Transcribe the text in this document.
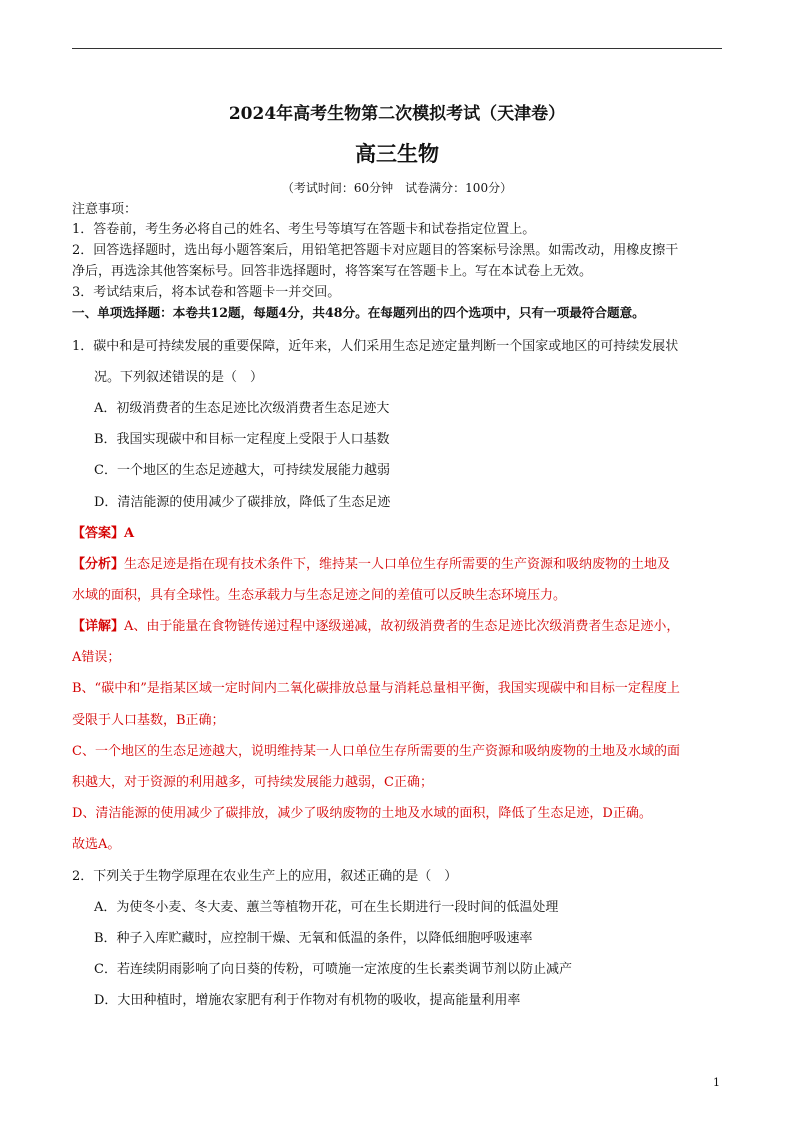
2024年高考生物第二次模拟考试（天津卷）
高三生物
（考试时间：60分钟　试卷满分：100分）
注意事项：
1．答卷前，考生务必将自己的姓名、考生号等填写在答题卡和试卷指定位置上。
2．回答选择题时，选出每小题答案后，用铅笔把答题卡对应题目的答案标号涂黑。如需改动，用橡皮擦干
净后，再选涂其他答案标号。回答非选择题时，将答案写在答题卡上。写在本试卷上无效。
3．考试结束后，将本试卷和答题卡一并交回。
一、单项选择题：本卷共12题，每题4分，共48分。在每题列出的四个选项中，只有一项最符合题意。
1．碳中和是可持续发展的重要保障，近年来，人们采用生态足迹定量判断一个国家或地区的可持续发展状
况。下列叙述错误的是（　）
A．初级消费者的生态足迹比次级消费者生态足迹大
B．我国实现碳中和目标一定程度上受限于人口基数
C．一个地区的生态足迹越大，可持续发展能力越弱
D．清洁能源的使用减少了碳排放，降低了生态足迹
【答案】A
【分析】生态足迹是指在现有技术条件下，维持某一人口单位生存所需要的生产资源和吸纳废物的土地及
水域的面积，具有全球性。生态承载力与生态足迹之间的差值可以反映生态环境压力。
【详解】A、由于能量在食物链传递过程中逐级递减，故初级消费者的生态足迹比次级消费者生态足迹小，
A错误；
B、“碳中和”是指某区域一定时间内二氧化碳排放总量与消耗总量相平衡，我国实现碳中和目标一定程度上
受限于人口基数，B正确；
C、一个地区的生态足迹越大，说明维持某一人口单位生存所需要的生产资源和吸纳废物的土地及水域的面
积越大，对于资源的利用越多，可持续发展能力越弱，C正确；
D、清洁能源的使用减少了碳排放，减少了吸纳废物的土地及水域的面积，降低了生态足迹，D正确。
故选A。
2．下列关于生物学原理在农业生产上的应用，叙述正确的是（　）
A．为使冬小麦、冬大麦、蕙兰等植物开花，可在生长期进行一段时间的低温处理
B．种子入库贮藏时，应控制干燥、无氧和低温的条件，以降低细胞呼吸速率
C．若连续阴雨影响了向日葵的传粉，可喷施一定浓度的生长素类调节剂以防止减产
D．大田种植时，增施农家肥有利于作物对有机物的吸收，提高能量利用率
1
